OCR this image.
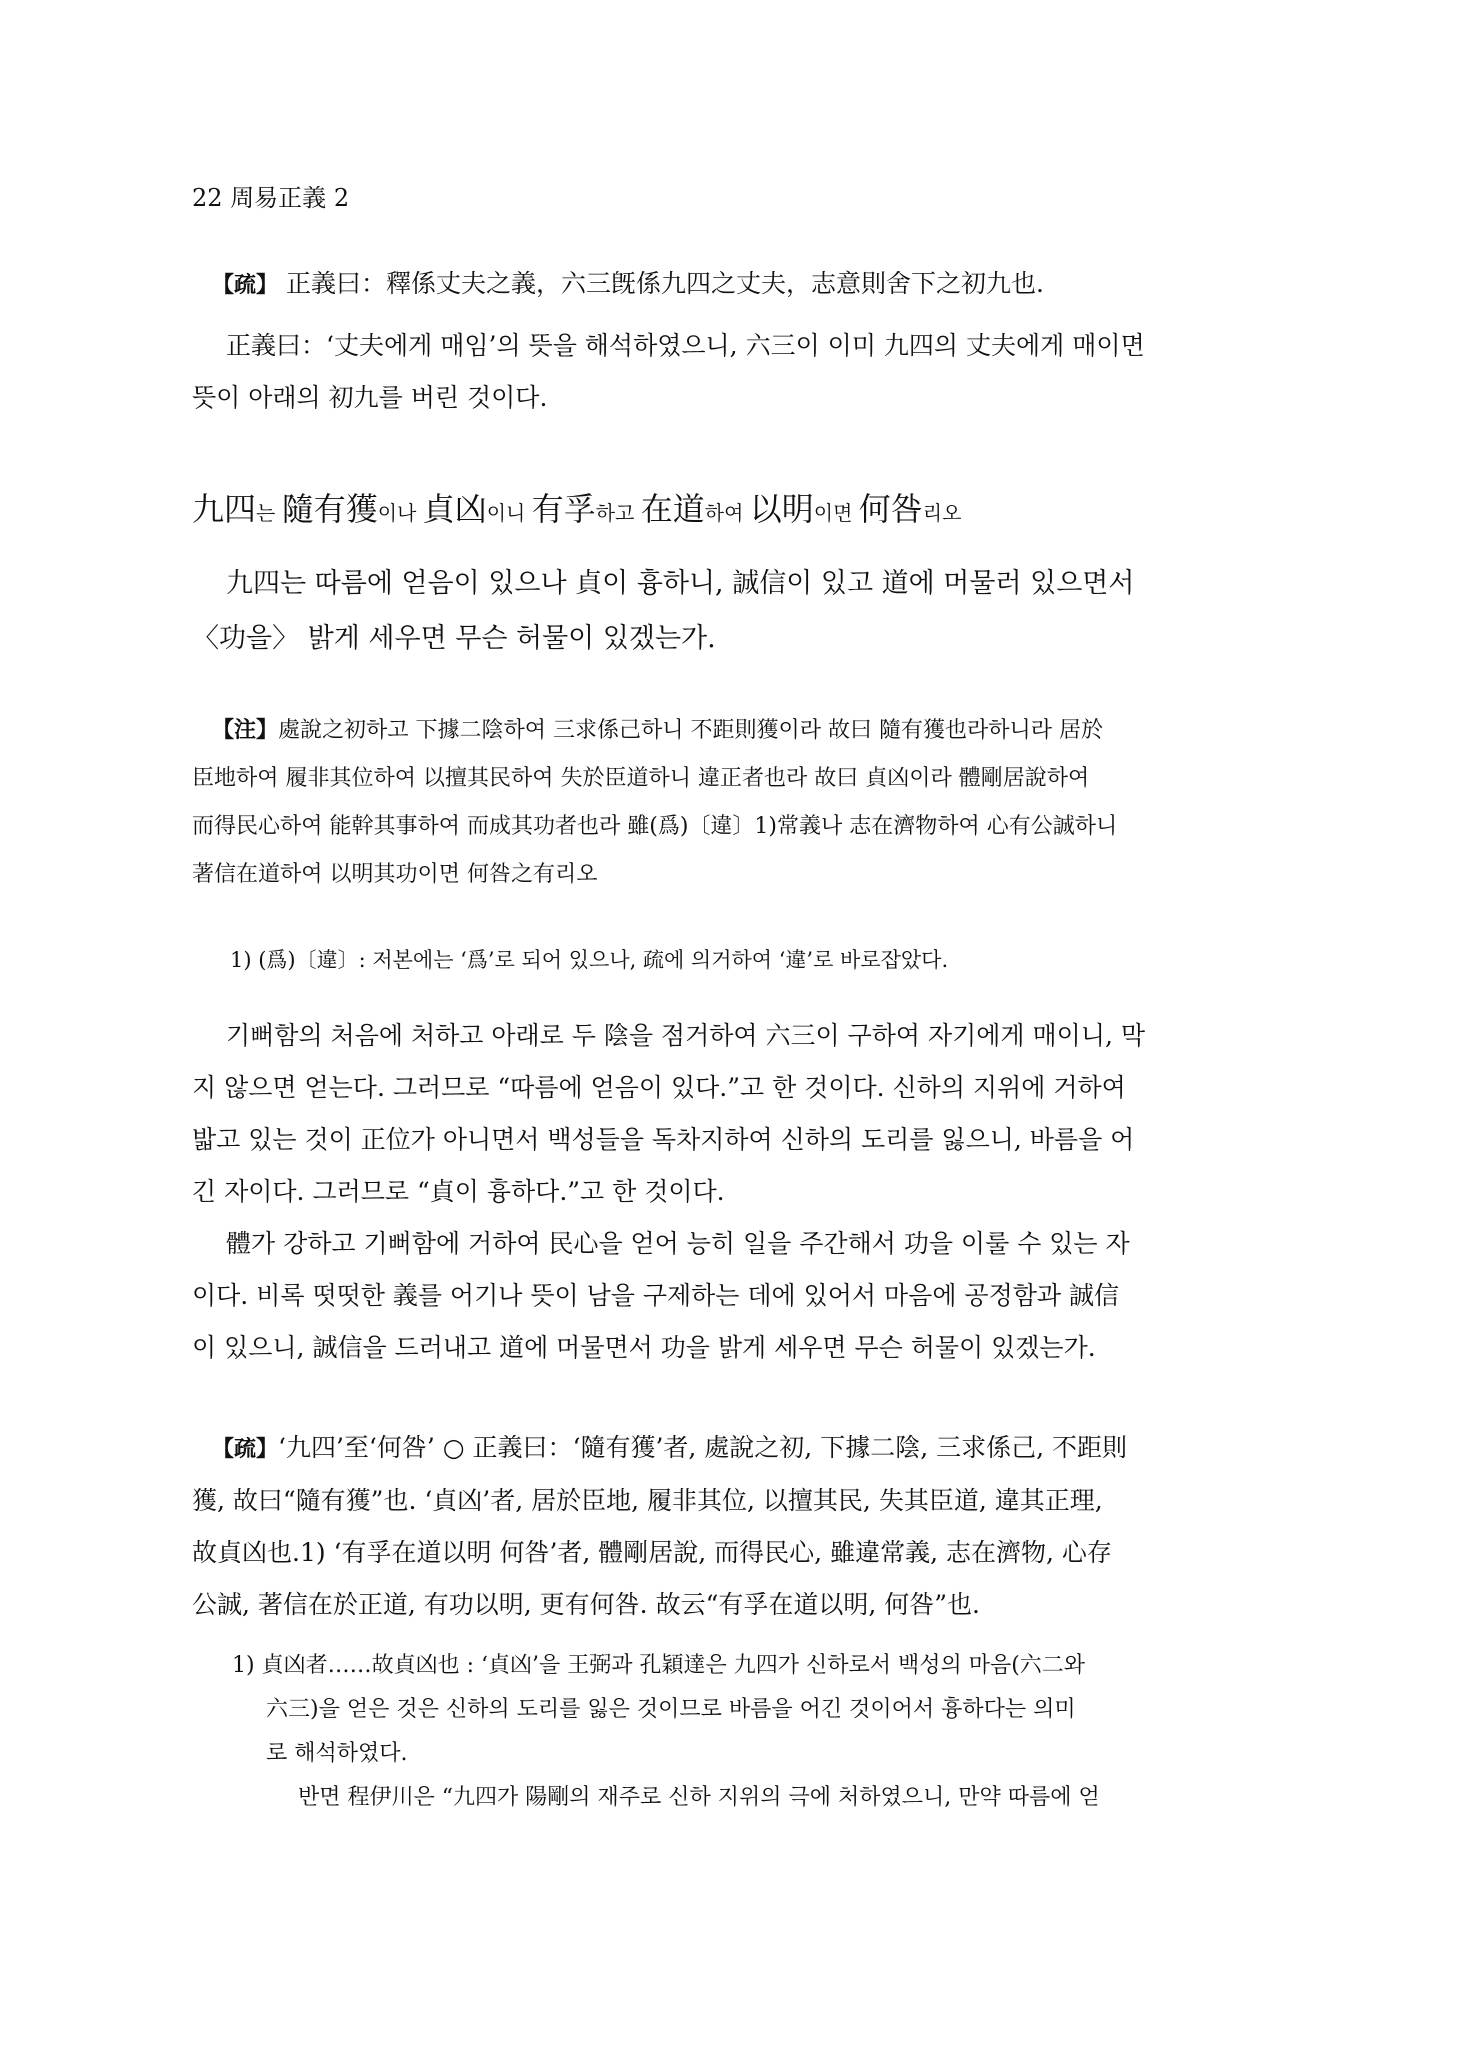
22 周易正義 2
【疏】 正義曰：釋係丈夫之義，六三旣係九四之丈夫，志意則舍下之初九也.
正義曰：‘丈夫에게 매임’의 뜻을 해석하였으니, 六三이 이미 九四의 丈夫에게 매이면
뜻이 아래의 初九를 버린 것이다.
九四는 隨有獲이나 貞凶이니 有孚하고 在道하여 以明이면 何咎리오
九四는 따름에 얻음이 있으나 貞이 흉하니, 誠信이 있고 道에 머물러 있으면서
〈功을〉 밝게 세우면 무슨 허물이 있겠는가.
【注】處說之初하고 下據二陰하여 三求係己하니 不距則獲이라 故曰 隨有獲也라하니라 居於
臣地하여 履非其位하여 以擅其民하여 失於臣道하니 違正者也라 故曰 貞凶이라 體剛居說하여
而得民心하여 能幹其事하여 而成其功者也라 雖(爲)〔違〕1)常義나 志在濟物하여 心有公誠하니
著信在道하여 以明其功이면 何咎之有리오
1) (爲)〔違〕: 저본에는 ‘爲’로 되어 있으나, 疏에 의거하여 ‘違’로 바로잡았다.
기뻐함의 처음에 처하고 아래로 두 陰을 점거하여 六三이 구하여 자기에게 매이니, 막
지 않으면 얻는다. 그러므로 “따름에 얻음이 있다.”고 한 것이다. 신하의 지위에 거하여
밟고 있는 것이 正位가 아니면서 백성들을 독차지하여 신하의 도리를 잃으니, 바름을 어
긴 자이다. 그러므로 “貞이 흉하다.”고 한 것이다.
體가 강하고 기뻐함에 거하여 民心을 얻어 능히 일을 주간해서 功을 이룰 수 있는 자
이다. 비록 떳떳한 義를 어기나 뜻이 남을 구제하는 데에 있어서 마음에 공정함과 誠信
이 있으니, 誠信을 드러내고 道에 머물면서 功을 밝게 세우면 무슨 허물이 있겠는가.
【疏】‘九四’至‘何咎’ ○ 正義曰：‘隨有獲’者, 處說之初, 下據二陰, 三求係己, 不距則
獲, 故曰“隨有獲”也. ‘貞凶’者, 居於臣地, 履非其位, 以擅其民, 失其臣道, 違其正理,
故貞凶也.1) ‘有孚在道以明 何咎’者, 體剛居說, 而得民心, 雖違常義, 志在濟物, 心存
公誠, 著信在於正道, 有功以明, 更有何咎. 故云“有孚在道以明, 何咎”也.
1) 貞凶者……故貞凶也 : ‘貞凶’을 王弼과 孔穎達은 九四가 신하로서 백성의 마음(六二와
六三)을 얻은 것은 신하의 도리를 잃은 것이므로 바름을 어긴 것이어서 흉하다는 의미
로 해석하였다.
반면 程伊川은 “九四가 陽剛의 재주로 신하 지위의 극에 처하였으니, 만약 따름에 얻
